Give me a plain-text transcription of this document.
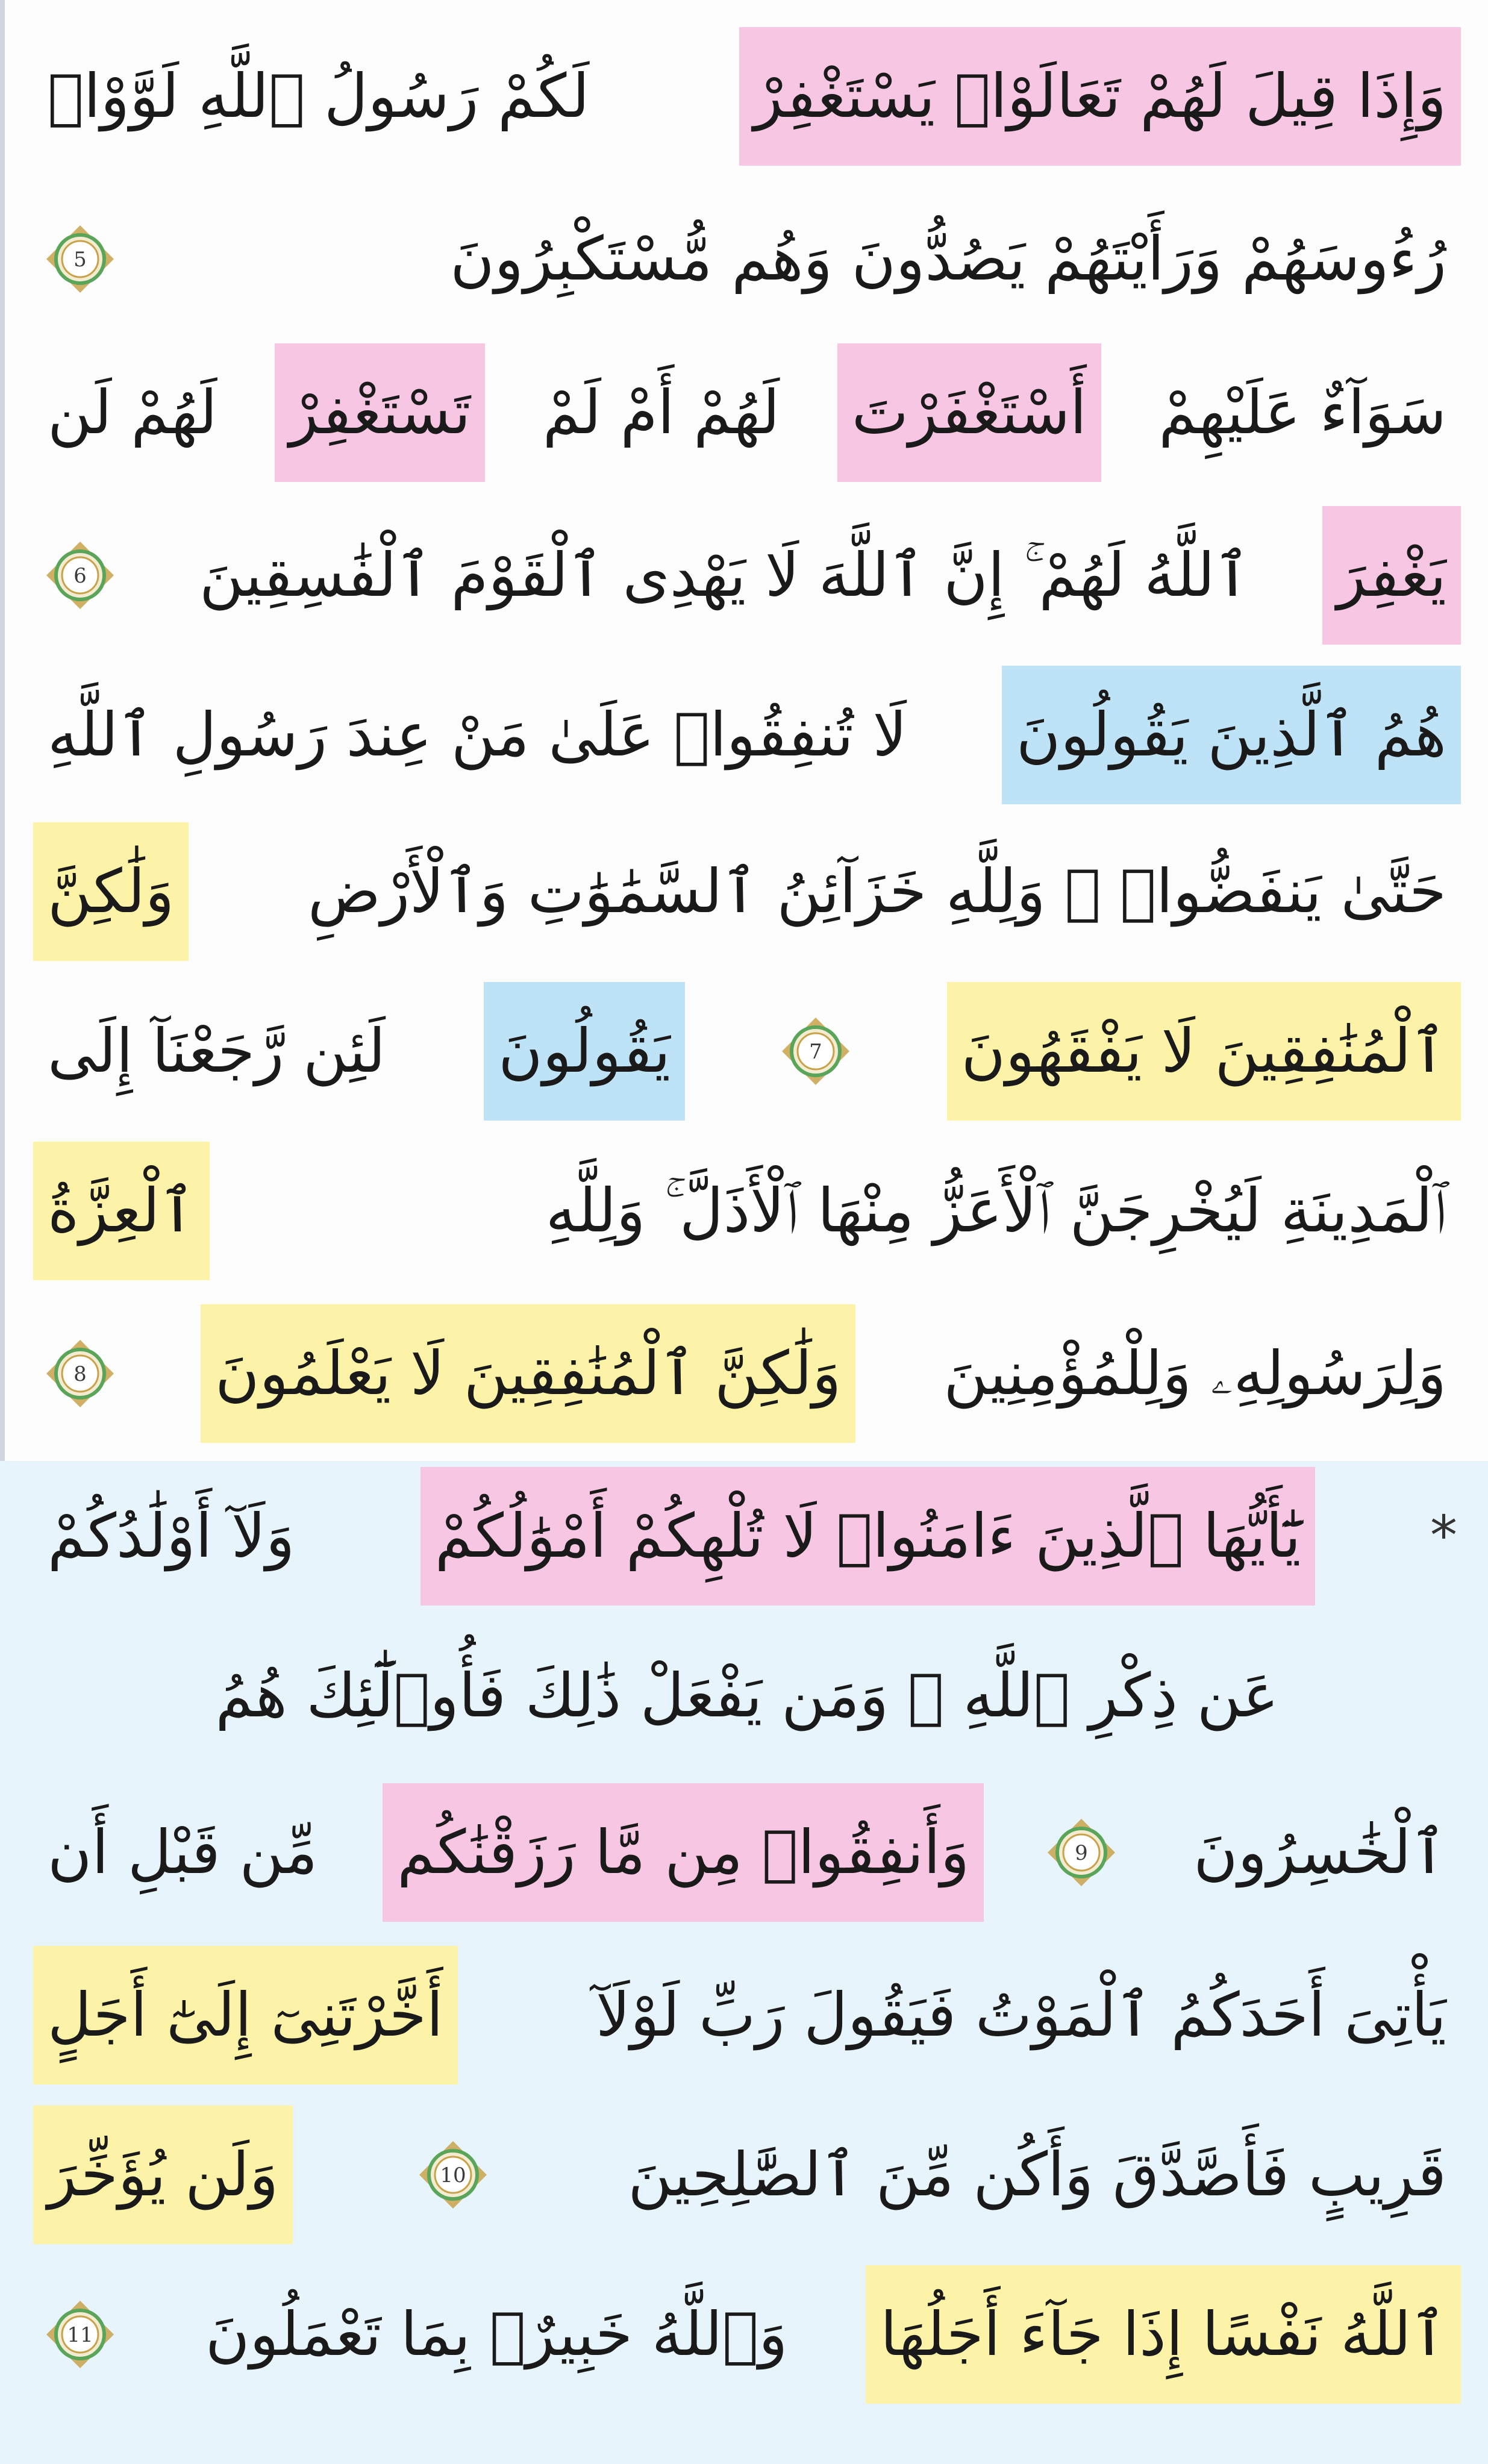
وَإِذَا قِيلَ لَهُمْ تَعَالَوْا۟ يَسْتَغْفِرْ
لَكُمْ رَسُولُ ٱللَّهِ لَوَّوْا۟
رُءُوسَهُمْ وَرَأَيْتَهُمْ يَصُدُّونَ وَهُم مُّسْتَكْبِرُونَ
5
سَوَآءٌ عَلَيْهِمْ
أَسْتَغْفَرْتَ
لَهُمْ أَمْ لَمْ
تَسْتَغْفِرْ
لَهُمْ لَن
يَغْفِرَ
ٱللَّهُ لَهُمْ ۚ إِنَّ ٱللَّهَ لَا يَهْدِى ٱلْقَوْمَ ٱلْفَٰسِقِينَ
6
هُمُ ٱلَّذِينَ يَقُولُونَ
لَا تُنفِقُوا۟ عَلَىٰ مَنْ عِندَ رَسُولِ ٱللَّهِ
حَتَّىٰ يَنفَضُّوا۟ ۗ وَلِلَّهِ خَزَآئِنُ ٱلسَّمَٰوَٰتِ وَٱلْأَرْضِ
وَلَٰكِنَّ
ٱلْمُنَٰفِقِينَ لَا يَفْقَهُونَ
7
يَقُولُونَ
لَئِن رَّجَعْنَآ إِلَى
ٱلْمَدِينَةِ لَيُخْرِجَنَّ ٱلْأَعَزُّ مِنْهَا ٱلْأَذَلَّ ۚ وَلِلَّهِ
ٱلْعِزَّةُ
وَلِرَسُولِهِۦ وَلِلْمُؤْمِنِينَ
وَلَٰكِنَّ ٱلْمُنَٰفِقِينَ لَا يَعْلَمُونَ
8
*
يَٰٓأَيُّهَا ٱلَّذِينَ ءَامَنُوا۟ لَا تُلْهِكُمْ أَمْوَٰلُكُمْ
وَلَآ أَوْلَٰدُكُمْ
عَن ذِكْرِ ٱللَّهِ ۚ وَمَن يَفْعَلْ ذَٰلِكَ فَأُو۟لَٰٓئِكَ هُمُ
ٱلْخَٰسِرُونَ
9
وَأَنفِقُوا۟ مِن مَّا رَزَقْنَٰكُم
مِّن قَبْلِ أَن
يَأْتِىَ أَحَدَكُمُ ٱلْمَوْتُ فَيَقُولَ رَبِّ لَوْلَآ
أَخَّرْتَنِىٓ إِلَىٰٓ أَجَلٍ
قَرِيبٍ فَأَصَّدَّقَ وَأَكُن مِّنَ ٱلصَّٰلِحِينَ
10
وَلَن يُؤَخِّرَ
ٱللَّهُ نَفْسًا إِذَا جَآءَ أَجَلُهَا
وَٱللَّهُ خَبِيرٌۢ بِمَا تَعْمَلُونَ
11
